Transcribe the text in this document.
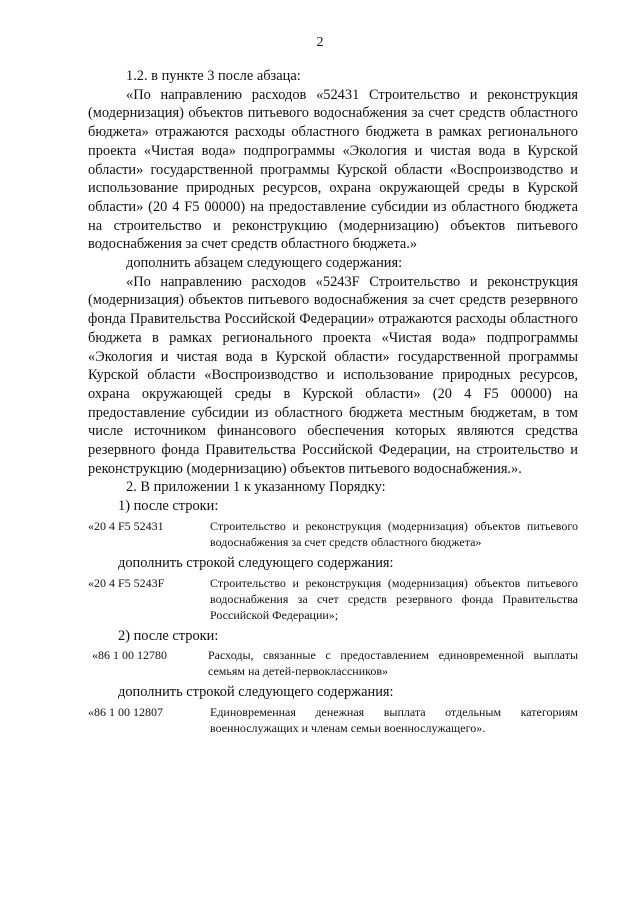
2

1.2. в пункте 3 после абзаца:

«По направлению расходов «52431 Строительство и реконструкция (модернизация) объектов питьевого водоснабжения за счет средств областного бюджета» отражаются расходы областного бюджета в рамках регионального проекта «Чистая вода» подпрограммы «Экология и чистая вода в Курской области» государственной программы Курской области «Воспроизводство и использование природных ресурсов, охрана окружающей среды в Курской области» (20 4 F5 00000) на предоставление субсидии из областного бюджета на строительство и реконструкцию (модернизацию) объектов питьевого водоснабжения за счет средств областного бюджета.»

дополнить абзацем следующего содержания:

«По направлению расходов «5243F Строительство и реконструкция (модернизация) объектов питьевого водоснабжения за счет средств резервного фонда Правительства Российской Федерации» отражаются расходы областного бюджета в рамках регионального проекта «Чистая вода» подпрограммы «Экология и чистая вода в Курской области» государственной программы Курской области «Воспроизводство и использование природных ресурсов, охрана окружающей среды в Курской области» (20 4 F5 00000) на предоставление субсидии из областного бюджета местным бюджетам, в том числе источником финансового обеспечения которых являются средства резервного фонда Правительства Российской Федерации, на строительство и реконструкцию (модернизацию) объектов питьевого водоснабжения.».

2. В приложении 1 к указанному Порядку:

1) после строки:

«20 4 F5 52431	Строительство и реконструкция (модернизация) объектов питьевого водоснабжения за счет средств областного бюджета»

дополнить строкой следующего содержания:

«20 4 F5 5243F	Строительство и реконструкция (модернизация) объектов питьевого водоснабжения за счет средств резервного фонда Правительства Российской Федерации»;

2) после строки:

«86 1 00 12780	Расходы, связанные с предоставлением единовременной выплаты семьям на детей-первоклассников»

дополнить строкой следующего содержания:

«86 1 00 12807	Единовременная денежная выплата отдельным категориям военнослужащих и членам семьи военнослужащего».
